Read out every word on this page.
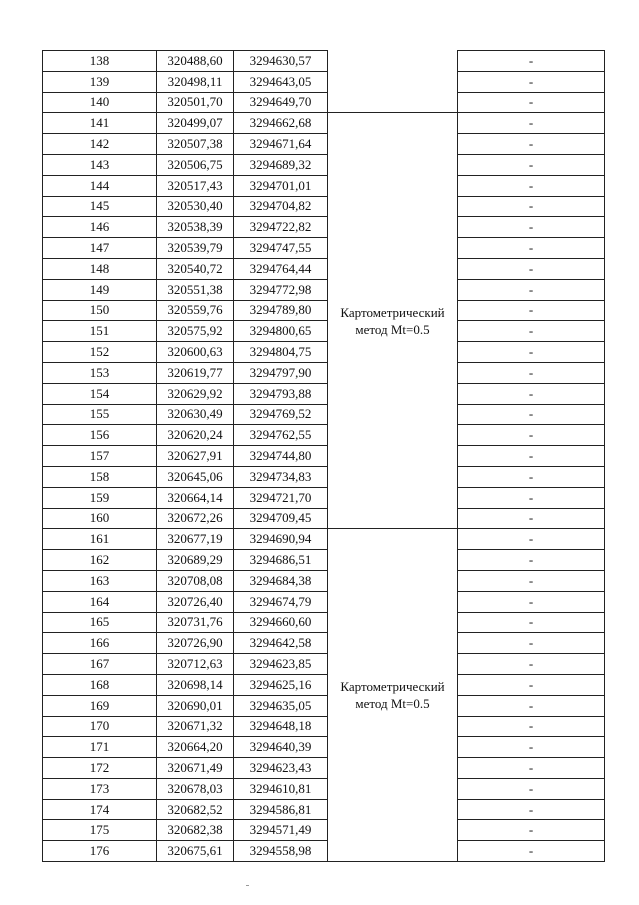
138	320488,60	3294630,57		-
139	320498,11	3294643,05		-
140	320501,70	3294649,70		-
141	320499,07	3294662,68	Картометрический метод Mt=0.5	-
142	320507,38	3294671,64		-
143	320506,75	3294689,32		-
144	320517,43	3294701,01		-
145	320530,40	3294704,82		-
146	320538,39	3294722,82		-
147	320539,79	3294747,55		-
148	320540,72	3294764,44		-
149	320551,38	3294772,98		-
150	320559,76	3294789,80		-
151	320575,92	3294800,65		-
152	320600,63	3294804,75		-
153	320619,77	3294797,90		-
154	320629,92	3294793,88		-
155	320630,49	3294769,52		-
156	320620,24	3294762,55		-
157	320627,91	3294744,80		-
158	320645,06	3294734,83		-
159	320664,14	3294721,70		-
160	320672,26	3294709,45		-
161	320677,19	3294690,94	Картометрический метод Mt=0.5	-
162	320689,29	3294686,51		-
163	320708,08	3294684,38		-
164	320726,40	3294674,79		-
165	320731,76	3294660,60		-
166	320726,90	3294642,58		-
167	320712,63	3294623,85		-
168	320698,14	3294625,16		-
169	320690,01	3294635,05		-
170	320671,32	3294648,18		-
171	320664,20	3294640,39		-
172	320671,49	3294623,43		-
173	320678,03	3294610,81		-
174	320682,52	3294586,81		-
175	320682,38	3294571,49		-
176	320675,61	3294558,98		-
